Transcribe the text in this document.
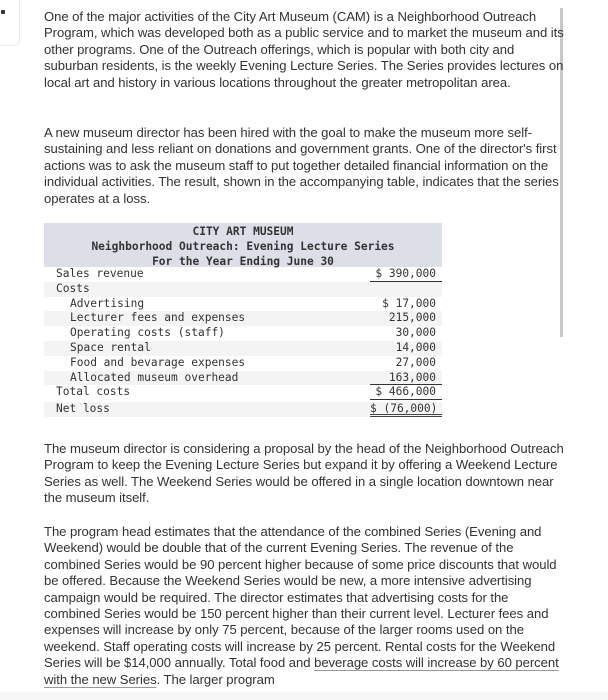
One of the major activities of the City Art Museum (CAM) is a Neighborhood Outreach Program, which was developed both as a public service and to market the museum and its other programs. One of the Outreach offerings, which is popular with both city and suburban residents, is the weekly Evening Lecture Series. The Series provides lectures on local art and history in various locations throughout the greater metropolitan area.

A new museum director has been hired with the goal to make the museum more self-sustaining and less reliant on donations and government grants. One of the director's first actions was to ask the museum staff to put together detailed financial information on the individual activities. The result, shown in the accompanying table, indicates that the series operates at a loss.

The museum director is considering a proposal by the head of the Neighborhood Outreach Program to keep the Evening Lecture Series but expand it by offering a Weekend Lecture Series as well. The Weekend Series would be offered in a single location downtown near the museum itself.

The program head estimates that the attendance of the combined Series (Evening and Weekend) would be double that of the current Evening Series. The revenue of the combined Series would be 90 percent higher because of some price discounts that would be offered. Because the Weekend Series would be new, a more intensive advertising campaign would be required. The director estimates that advertising costs for the combined Series would be 150 percent higher than their current level. Lecturer fees and expenses will increase by only 75 percent, because of the larger rooms used on the weekend. Staff operating costs will increase by 25 percent. Rental costs for the Weekend Series will be $14,000 annually. Total food and beverage costs will increase by 60 percent with the new Series. The larger program

CITY ART MUSEUM
Neighborhood Outreach: Evening Lecture Series
For the Year Ending June 30
Sales revenue	$ 390,000
Costs
Advertising	$ 17,000
Lecturer fees and expenses	215,000
Operating costs (staff)	30,000
Space rental	14,000
Food and bevarage expenses	27,000
Allocated museum overhead	163,000
Total costs	$ 466,000
Net loss	$ (76,000)
